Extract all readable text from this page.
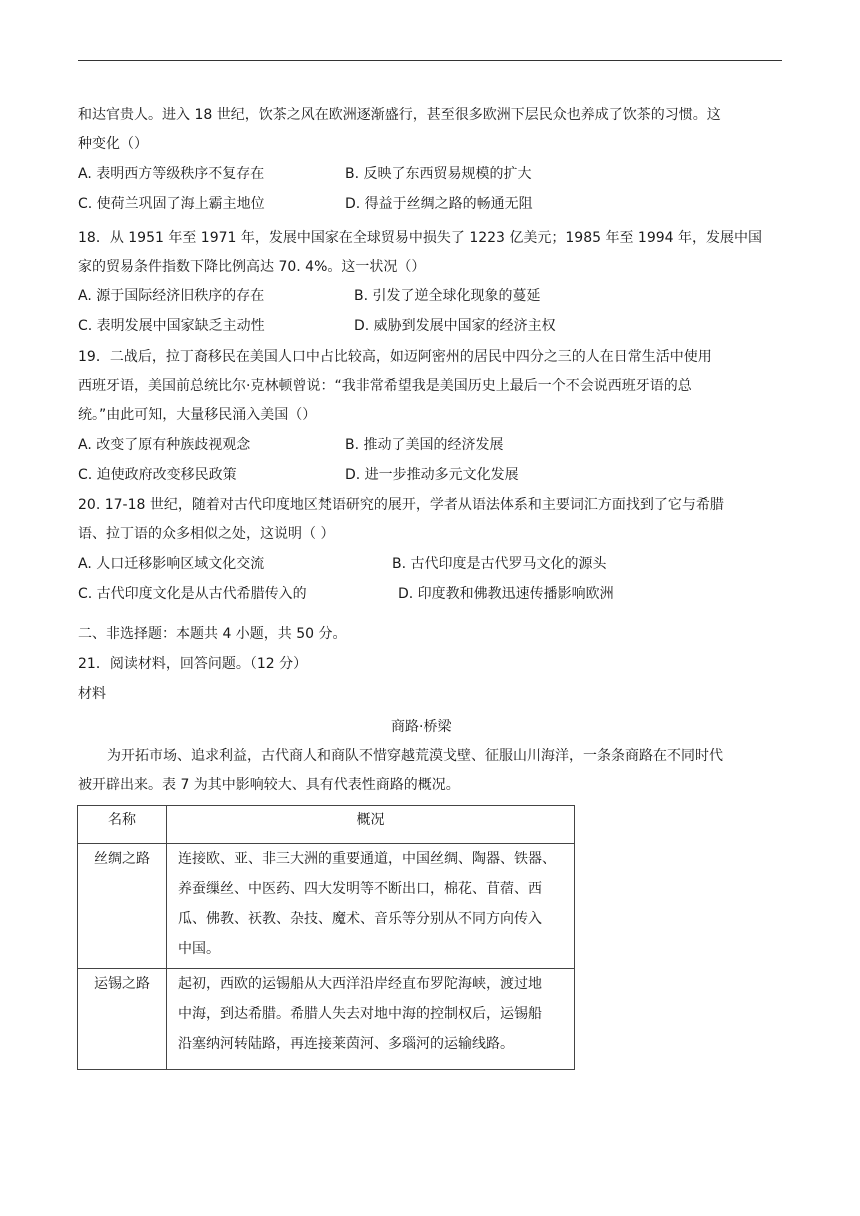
和达官贵人。进入 18 世纪，饮茶之风在欧洲逐渐盛行，甚至很多欧洲下层民众也养成了饮茶的习惯。这
种变化（）
A. 表明西方等级秩序不复存在	B. 反映了东西贸易规模的扩大
C. 使荷兰巩固了海上霸主地位	D. 得益于丝绸之路的畅通无阻
18．从 1951 年至 1971 年，发展中国家在全球贸易中损失了 1223 亿美元；1985 年至 1994 年，发展中国
家的贸易条件指数下降比例高达 70. 4%。这一状况（）
A. 源于国际经济旧秩序的存在	B. 引发了逆全球化现象的蔓延
C. 表明发展中国家缺乏主动性	D. 威胁到发展中国家的经济主权
19．二战后，拉丁裔移民在美国人口中占比较高，如迈阿密州的居民中四分之三的人在日常生活中使用
西班牙语，美国前总统比尔·克林顿曾说：“我非常希望我是美国历史上最后一个不会说西班牙语的总
统。”由此可知，大量移民涌入美国（）
A. 改变了原有种族歧视观念	B. 推动了美国的经济发展
C. 迫使政府改变移民政策	D. 进一步推动多元文化发展
20. 17-18 世纪，随着对古代印度地区梵语研究的展开，学者从语法体系和主要词汇方面找到了它与希腊
语、拉丁语的众多相似之处，这说明（ ）
A. 人口迁移影响区域文化交流	B. 古代印度是古代罗马文化的源头
C. 古代印度文化是从古代希腊传入的	D. 印度教和佛教迅速传播影响欧洲
二、非选择题：本题共 4 小题，共 50 分。
21．阅读材料，回答问题。（12 分）
材料
商路·桥梁
为开拓市场、追求利益，古代商人和商队不惜穿越荒漠戈壁、征服山川海洋，一条条商路在不同时代
被开辟出来。表 7 为其中影响较大、具有代表性商路的概况。
名称	概况
丝绸之路	连接欧、亚、非三大洲的重要通道，中国丝绸、陶器、铁器、
养蚕缫丝、中医药、四大发明等不断出口，棉花、苜蓿、西
瓜、佛教、祆教、杂技、魔术、音乐等分别从不同方向传入
中国。

运锡之路	起初，西欧的运锡船从大西洋沿岸经直布罗陀海峡，渡过地
中海，到达希腊。希腊人失去对地中海的控制权后，运锡船
沿塞纳河转陆路，再连接莱茵河、多瑙河的运输线路。
